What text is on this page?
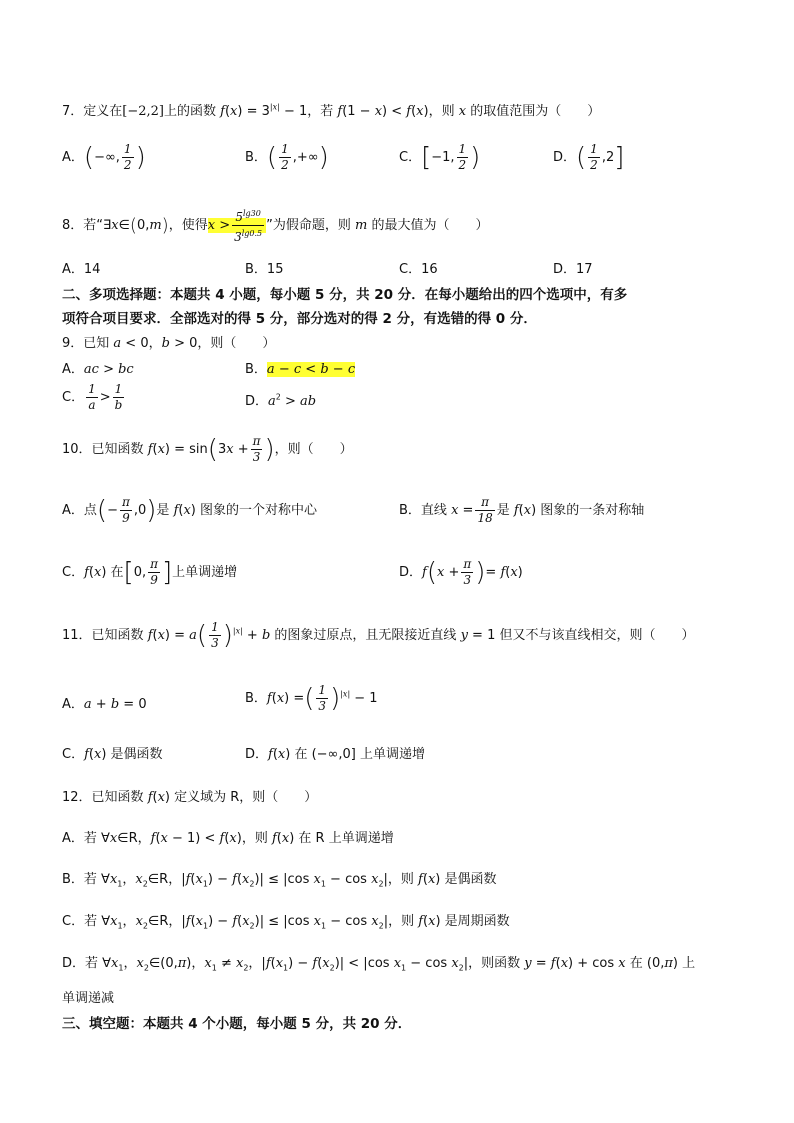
7．定义在[−2,2]上的函数 $f(x) = 3^{|x|} - 1$，若 f(1 − x) < f(x)，则 x 的取值范围为（　　）
A．(−∞, $\frac{1}{2}$ )	B．( $\frac{1}{2}$ ,+∞)	C．[−1, $\frac{1}{2}$ )	D．( $\frac{1}{2} ,2$]
8．若“∃x∈(0,m)，使得$x > \frac{5^{lg30}}{3^{lg0.5}}$ ”为假命题，则 m 的最大值为（　　）
A．14	B．15	C．16	D．17
二、多项选择题：本题共 4 小题，每小题 5 分，共 20 分．在每小题给出的四个选项中，有多
项符合项目要求．全部选对的得 5 分，部分选对的得 2 分，有选错的得 0 分．
9．已知 a < 0，b > 0，则（　　）
A．ac > bc	B．a − c < b − c
C． $\frac{1}{a} > \frac{1}{b}$	D．$a^2$ > ab
10．已知函数 $f(x) = \sin(3x + \frac{\pi}{3}$ )，则（　　）
A．点(− $\frac{\pi}{9} ,0$)是 f(x) 图象的一个对称中心	B．直线 $x = \frac{\pi}{18}$ 是 f(x) 图象的一条对称轴
C．f(x) 在[0, $\frac{\pi}{9}$ ]上单调递增	D．$f(x + \frac{\pi}{3}$ )= f(x)
11．已知函数 $f(x) = a( \frac{1}{3} )^{|x|} + b$ 的图象过原点，且无限接近直线 y = 1 但又不与该直线相交，则（　　）
A．a + b = 0	B．f(x) =( $\frac{1}{3} )^{|x|} - 1$
C．f(x) 是偶函数	D．f(x) 在 (−∞,0] 上单调递增
12．已知函数 f(x) 定义域为 R，则（　　）
A．若 ∀x∈R，f(x − 1) < f(x)，则 f(x) 在 R 上单调递增
B．若 $\forall x_1$，$x_2\in R$，$|f(x_1) - f(x_2)| \le |\cos$ $x_1 - \cos x_2|$，则 f(x) 是偶函数
C．若 $\forall x_1$，$x_2\in R$，$|f(x_1) - f(x_2)| \le |\cos$ $x_1 - \cos x_2|$，则 f(x) 是周期函数
D．若 $\forall x_1$，$x_2\in(0,\pi)$，$x_1 \ne x_2$，$|f(x_1) - f(x_2)| < |\cos$ $x_1 - \cos x_2|$，则函数 y = f(x) + cos x 在 (0,π) 上
单调递减
三、填空题：本题共 4 个小题，每小题 5 分，共 20 分．
